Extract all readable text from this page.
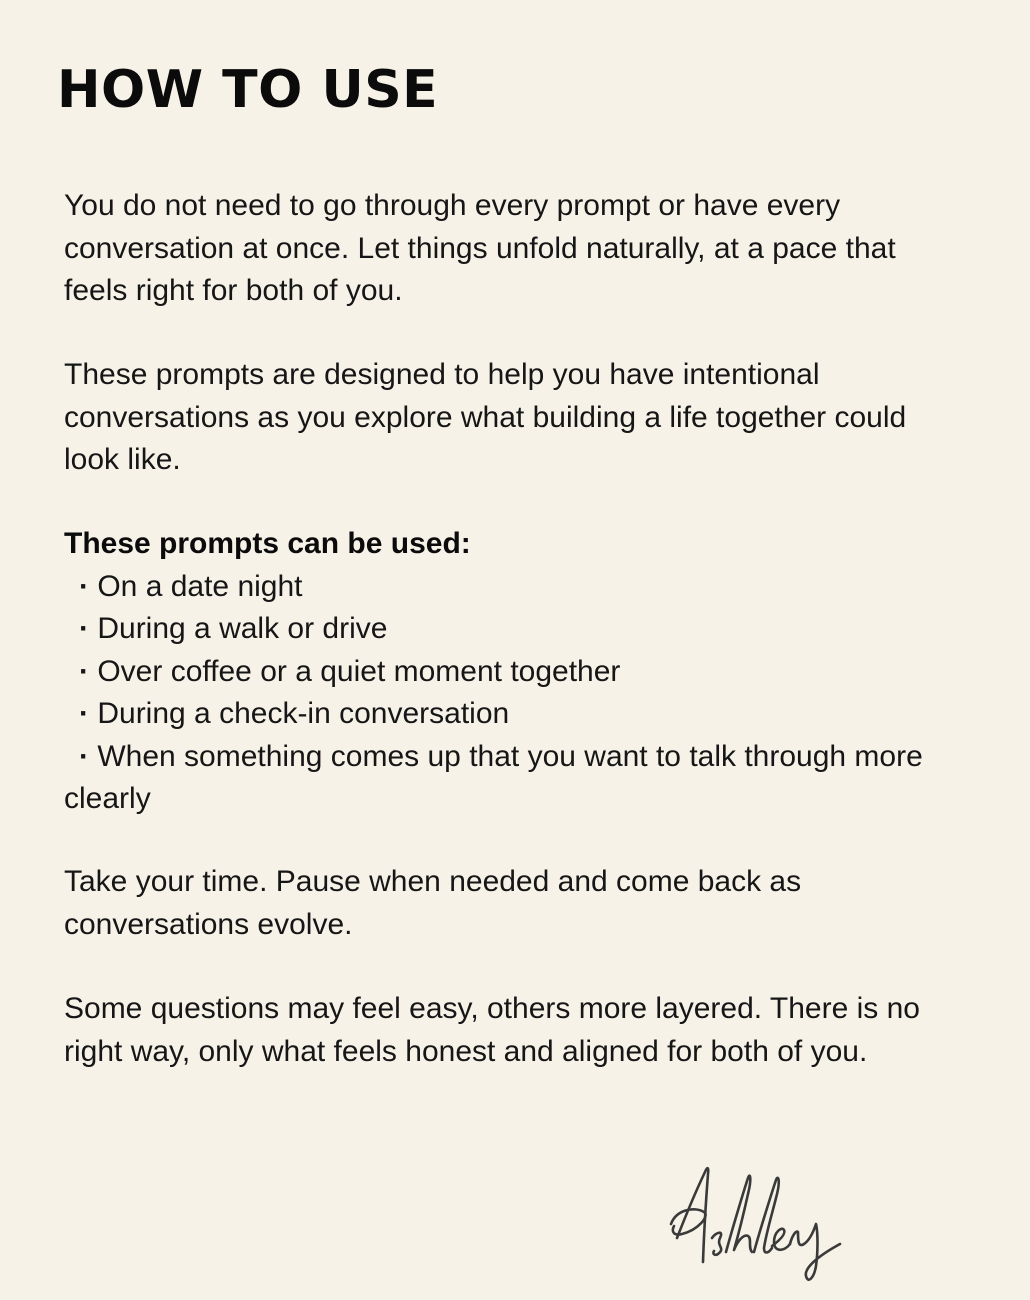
HOW TO USE

You do not need to go through every prompt or have every conversation at once. Let things unfold naturally, at a pace that feels right for both of you.

These prompts are designed to help you have intentional conversations as you explore what building a life together could look like.

These prompts can be used:
· On a date night
· During a walk or drive
· Over coffee or a quiet moment together
· During a check-in conversation
· When something comes up that you want to talk through more clearly

Take your time. Pause when needed and come back as conversations evolve.

Some questions may feel easy, others more layered. There is no right way, only what feels honest and aligned for both of you.
